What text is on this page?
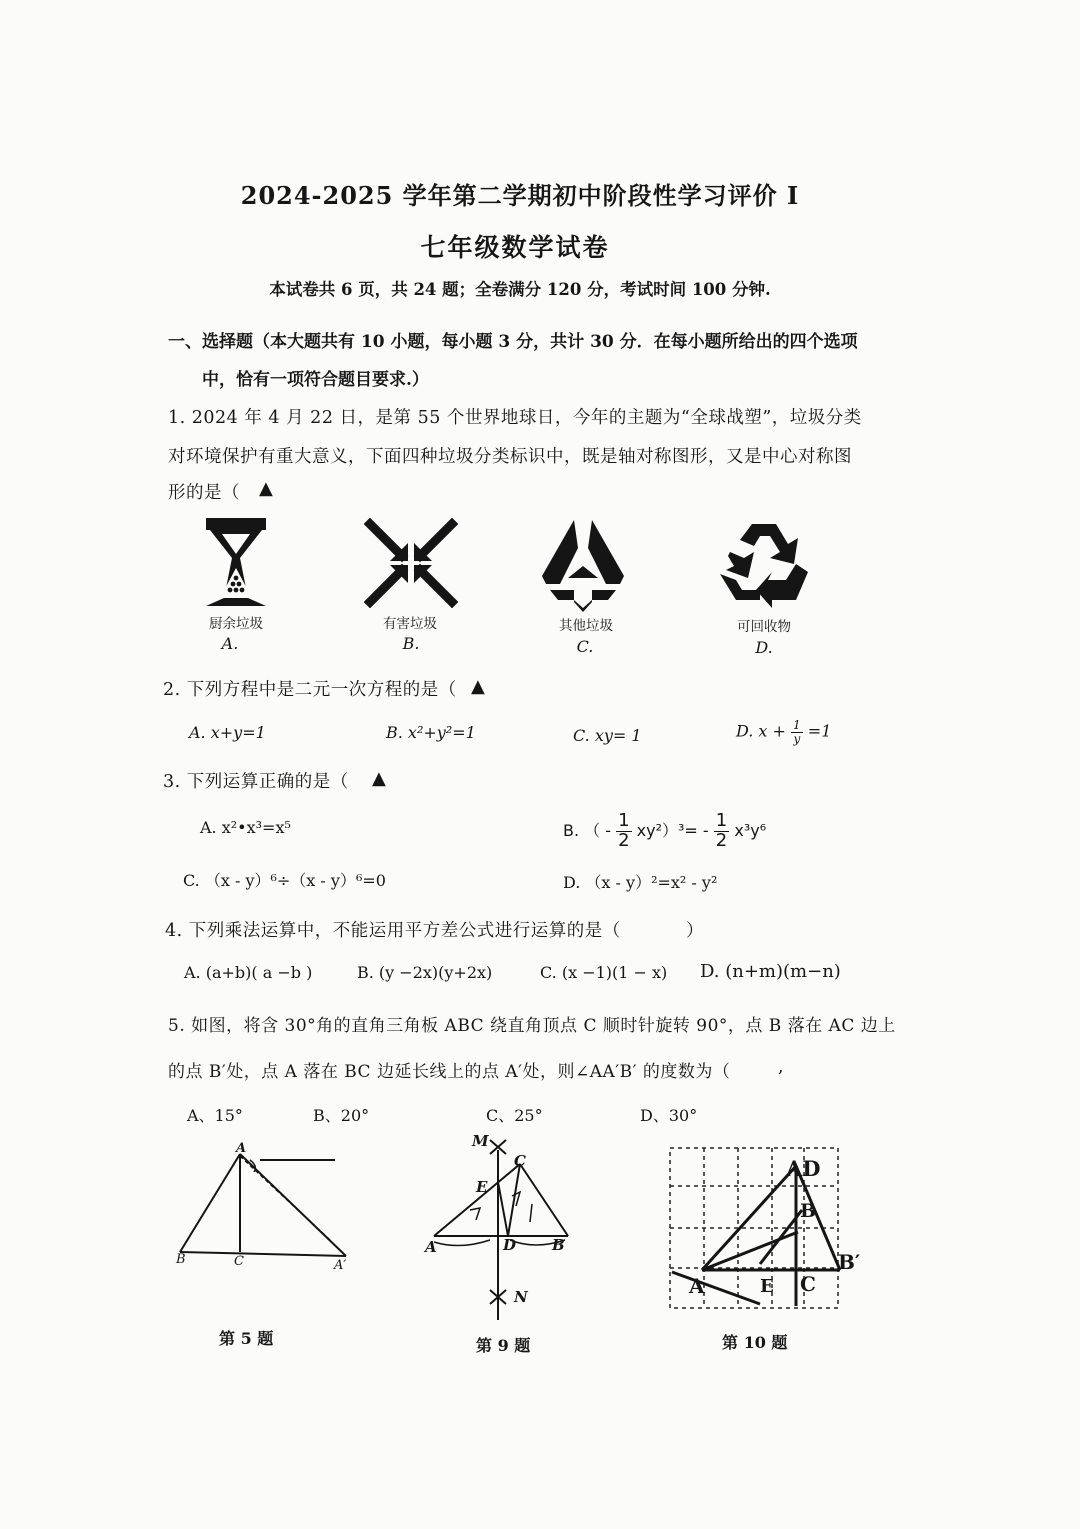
2024-2025 学年第二学期初中阶段性学习评价 I
七年级数学试卷
本试卷共 6 页，共 24 题；全卷满分 120 分，考试时间 100 分钟.
一、选择题（本大题共有 10 小题，每小题 3 分，共计 30 分．在每小题所给出的四个选项
中，恰有一项符合题目要求.）
1. 2024 年 4 月 22 日，是第 55 个世界地球日，今年的主题为“全球战塑”，垃圾分类
对环境保护有重大意义，下面四种垃圾分类标识中，既是轴对称图形，又是中心对称图
形的是（ ▲
厨余垃圾
A.
有害垃圾
B.
其他垃圾
C.
可回收物
D.
2. 下列方程中是二元一次方程的是（ ▲
A. x+y=1	B. x²+y²=1	C. xy= 1	D. $x + \frac{1}{y} =1$
3. 下列运算正确的是（ ▲
A. x²•x³=x⁵	B. （ - $\frac{1}{2} xy^2)^3= - \frac{1}{2} x^3y^6$
C. （x - y）⁶÷（x - y）⁶=0	D. （x - y）²=x² - y²
4. 下列乘法运算中，不能运用平方差公式进行运算的是（	）
A. (a+b)( a −b )	B. (y −2x)(y+2x)	C. (x −1)(1 − x) D. (n+m)(m−n)
5. 如图，将含 30°角的直角三角板 ABC 绕直角顶点 C 顺时针旋转 90°，点 B 落在 AC 边上
的点 B′处，点 A 落在 BC 边延长线上的点 A′处，则∠AA′B′ 的度数为（	,
A、15°	B、20°	C、25°	D、30°
A
B	C	A′
第 5 题
M
C
E
A	D B
N
第 9 题
AD
B
A	E C
B′
第 10 题
